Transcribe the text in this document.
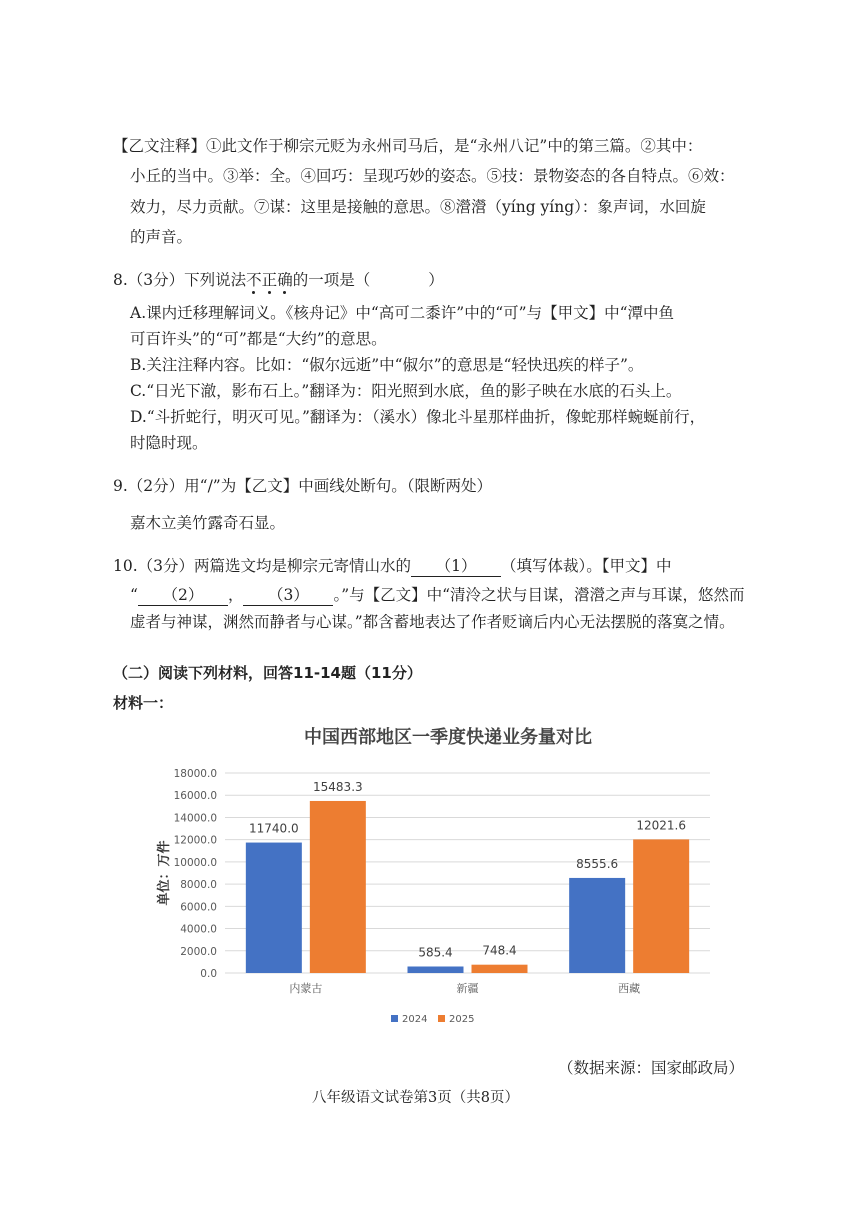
【乙文注释】①此文作于柳宗元贬为永州司马后，是“永州八记”中的第三篇。②其中：
小丘的当中。③举：全。④回巧：呈现巧妙的姿态。⑤技：景物姿态的各自特点。⑥效：
效力，尽力贡献。⑦谋：这里是接触的意思。⑧瀯瀯（yíng yíng）：象声词，水回旋
的声音。
8.（3分）下列说法不正确的一项是（	）
A.课内迁移理解词义。《核舟记》中“高可二黍许”中的“可”与【甲文】中“潭中鱼
可百许头”的“可”都是“大约”的意思。
B.关注注释内容。比如：“俶尔远逝”中“俶尔”的意思是“轻快迅疾的样子”。
C.“日光下澈，影布石上。”翻译为：阳光照到水底，鱼的影子映在水底的石头上。
D.“斗折蛇行，明灭可见。”翻译为：（溪水）像北斗星那样曲折，像蛇那样蜿蜒前行，
时隐时现。
9.（2分）用“/”为【乙文】中画线处断句。（限断两处）
嘉木立美竹露奇石显。
10.（3分）两篇选文均是柳宗元寄情山水的 （1） （填写体裁）。【甲文】中
“ （2） ， （3） 。”与【乙文】中“清泠之状与目谋，瀯瀯之声与耳谋，悠然而
虚者与神谋，渊然而静者与心谋。”都含蓄地表达了作者贬谪后内心无法摆脱的落寞之情。
（二）阅读下列材料，回答11-14题（11分）
材料一：
中国西部地区一季度快递业务量对比
0.0
2000.0
4000.0
6000.0
8000.0
10000.0
12000.0
14000.0
16000.0
18000.0
单位：万件
11740.0
15483.3
内蒙古
585.4 748.4
新疆
8555.6
12021.6
西藏
2024 2025
（数据来源：国家邮政局）
八年级语文试卷第3页（共8页）
